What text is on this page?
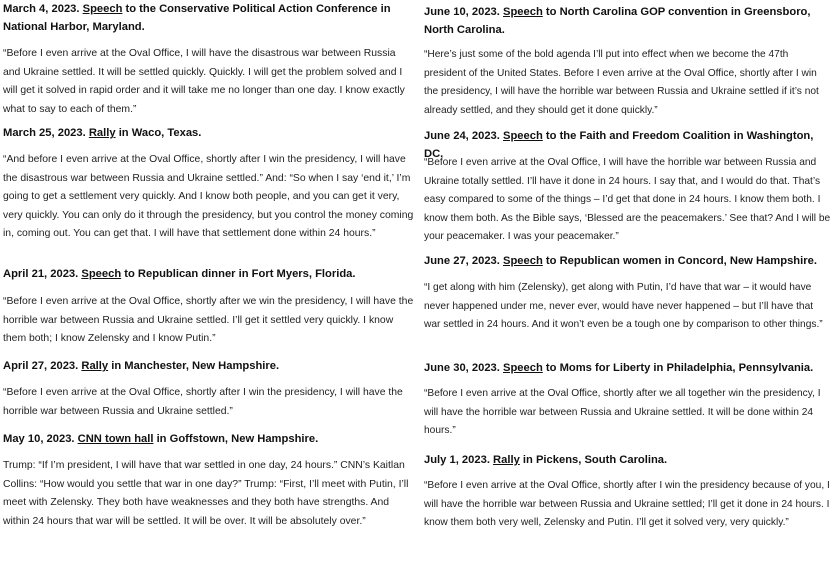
March 4, 2023. Speech to the Conservative Political Action Conference in National Harbor, Maryland.

“Before I even arrive at the Oval Office, I will have the disastrous war between Russia and Ukraine settled. It will be settled quickly. Quickly. I will get the problem solved and I will get it solved in rapid order and it will take me no longer than one day. I know exactly what to say to each of them.”

March 25, 2023. Rally in Waco, Texas.

“And before I even arrive at the Oval Office, shortly after I win the presidency, I will have the disastrous war between Russia and Ukraine settled.” And: “So when I say ‘end it,’ I’m going to get a settlement very quickly. And I know both people, and you can get it very, very quickly. You can only do it through the presidency, but you control the money coming in, coming out. You can get that. I will have that settlement done within 24 hours.”

April 21, 2023. Speech to Republican dinner in Fort Myers, Florida.

“Before I even arrive at the Oval Office, shortly after we win the presidency, I will have the horrible war between Russia and Ukraine settled. I’ll get it settled very quickly. I know them both; I know Zelensky and I know Putin.”

April 27, 2023. Rally in Manchester, New Hampshire.

“Before I even arrive at the Oval Office, shortly after I win the presidency, I will have the horrible war between Russia and Ukraine settled.”

May 10, 2023. CNN town hall in Goffstown, New Hampshire.

Trump: “If I’m president, I will have that war settled in one day, 24 hours.” CNN’s Kaitlan Collins: “How would you settle that war in one day?” Trump: “First, I’ll meet with Putin, I’ll meet with Zelensky. They both have weaknesses and they both have strengths. And within 24 hours that war will be settled. It will be over. It will be absolutely over.”

June 10, 2023. Speech to North Carolina GOP convention in Greensboro, North Carolina.

“Here’s just some of the bold agenda I’ll put into effect when we become the 47th president of the United States. Before I even arrive at the Oval Office, shortly after I win the presidency, I will have the horrible war between Russia and Ukraine settled if it’s not already settled, and they should get it done quickly.”

June 24, 2023. Speech to the Faith and Freedom Coalition in Washington, DC.

“Before I even arrive at the Oval Office, I will have the horrible war between Russia and Ukraine totally settled. I’ll have it done in 24 hours. I say that, and I would do that. That’s easy compared to some of the things – I’d get that done in 24 hours. I know them both. I know them both. As the Bible says, ‘Blessed are the peacemakers.’ See that? And I will be your peacemaker. I was your peacemaker.”

June 27, 2023. Speech to Republican women in Concord, New Hampshire.

“I get along with him (Zelensky), get along with Putin, I’d have that war – it would have never happened under me, never ever, would have never happened – but I’ll have that war settled in 24 hours. And it won’t even be a tough one by comparison to other things.”

June 30, 2023. Speech to Moms for Liberty in Philadelphia, Pennsylvania.

“Before I even arrive at the Oval Office, shortly after we all together win the presidency, I will have the horrible war between Russia and Ukraine settled. It will be done within 24 hours.”

July 1, 2023. Rally in Pickens, South Carolina.

“Before I even arrive at the Oval Office, shortly after I win the presidency because of you, I will have the horrible war between Russia and Ukraine settled; I’ll get it done in 24 hours. I know them both very well, Zelensky and Putin. I’ll get it solved very, very quickly.”
